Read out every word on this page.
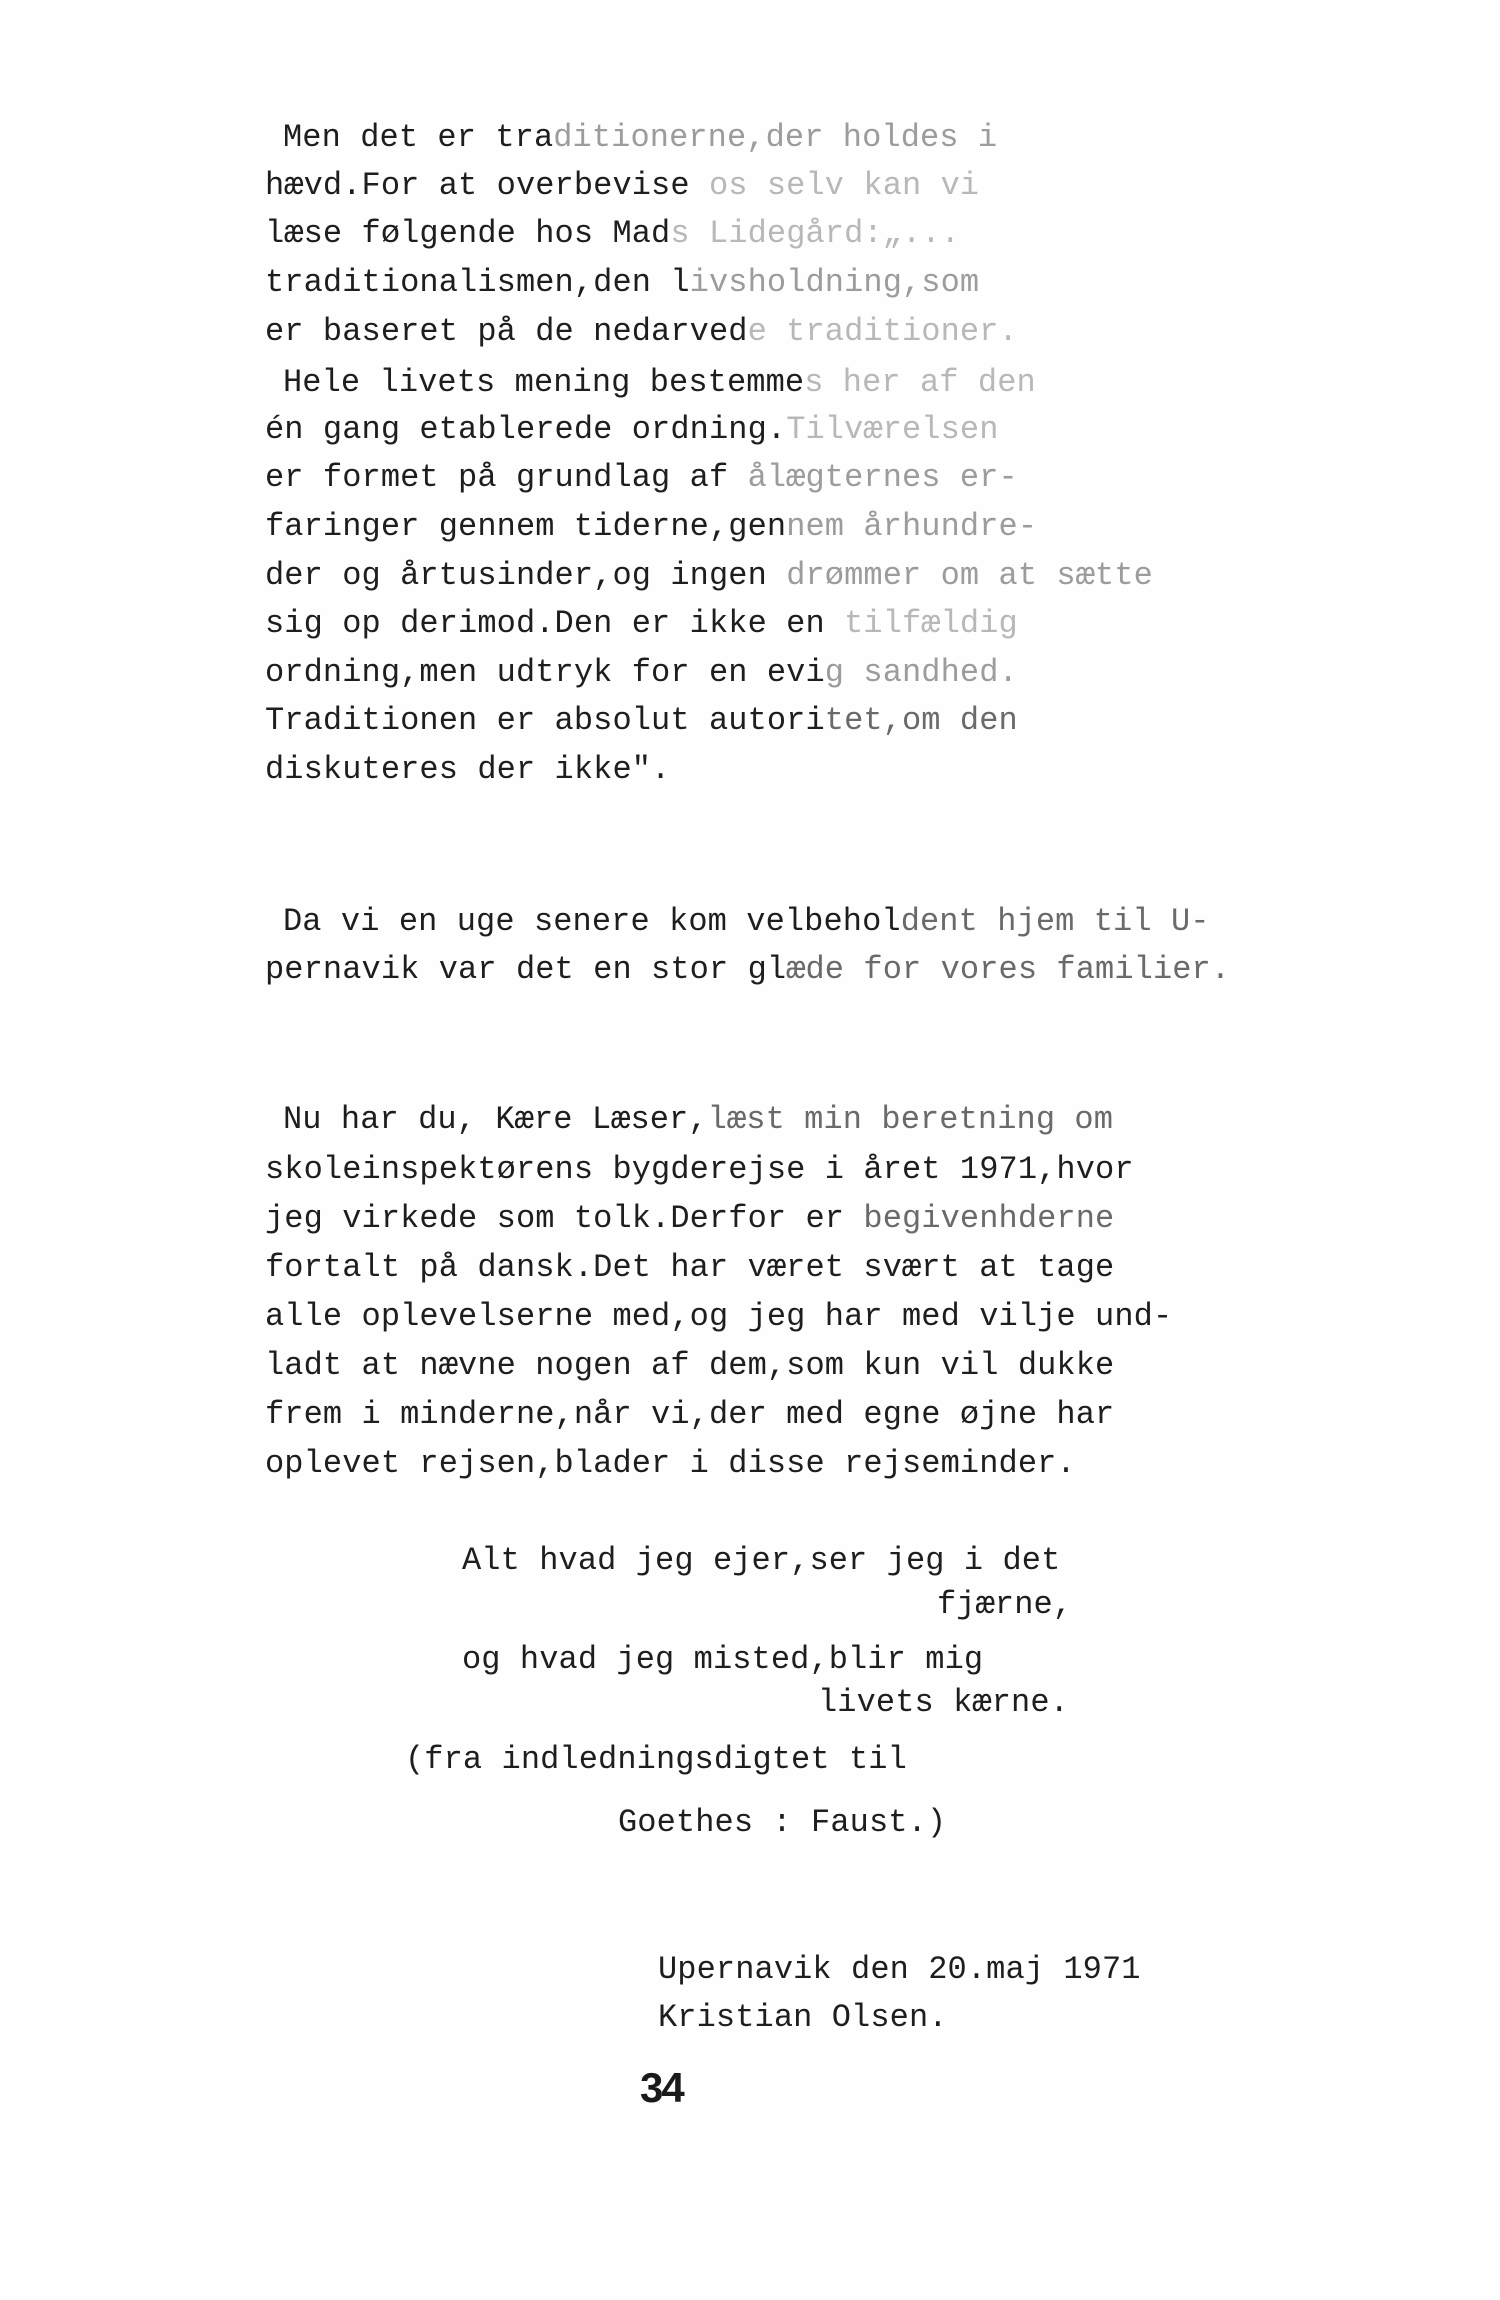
Men det er traditionerne,der holdes i
hævd.For at overbevise os selv kan vi
læse følgende hos Mads Lidegård:„...
traditionalismen,den livsholdning,som
er baseret på de nedarvede traditioner.
Hele livets mening bestemmes her af den
én gang etablerede ordning.Tilværelsen
er formet på grundlag af ålægternes er-
faringer gennem tiderne,gennem århundre-
der og årtusinder,og ingen drømmer om at sætte
sig op derimod.Den er ikke en tilfældig
ordning,men udtryk for en evig sandhed.
Traditionen er absolut autoritet,om den
diskuteres der ikke".
Da vi en uge senere kom velbeholdent hjem til U-
pernavik var det en stor glæde for vores familier.
Nu har du, Kære Læser,læst min beretning om
skoleinspektørens bygderejse i året 1971,hvor
jeg virkede som tolk.Derfor er begivenhderne
fortalt på dansk.Det har været svært at tage
alle oplevelserne med,og jeg har med vilje und-
ladt at nævne nogen af dem,som kun vil dukke
frem i minderne,når vi,der med egne øjne har
oplevet rejsen,blader i disse rejseminder.
Alt hvad jeg ejer,ser jeg i det
fjærne,
og hvad jeg misted,blir mig
livets kærne.
(fra indledningsdigtet til
Goethes : Faust.)
Upernavik den 20.maj 1971
Kristian Olsen.
34
